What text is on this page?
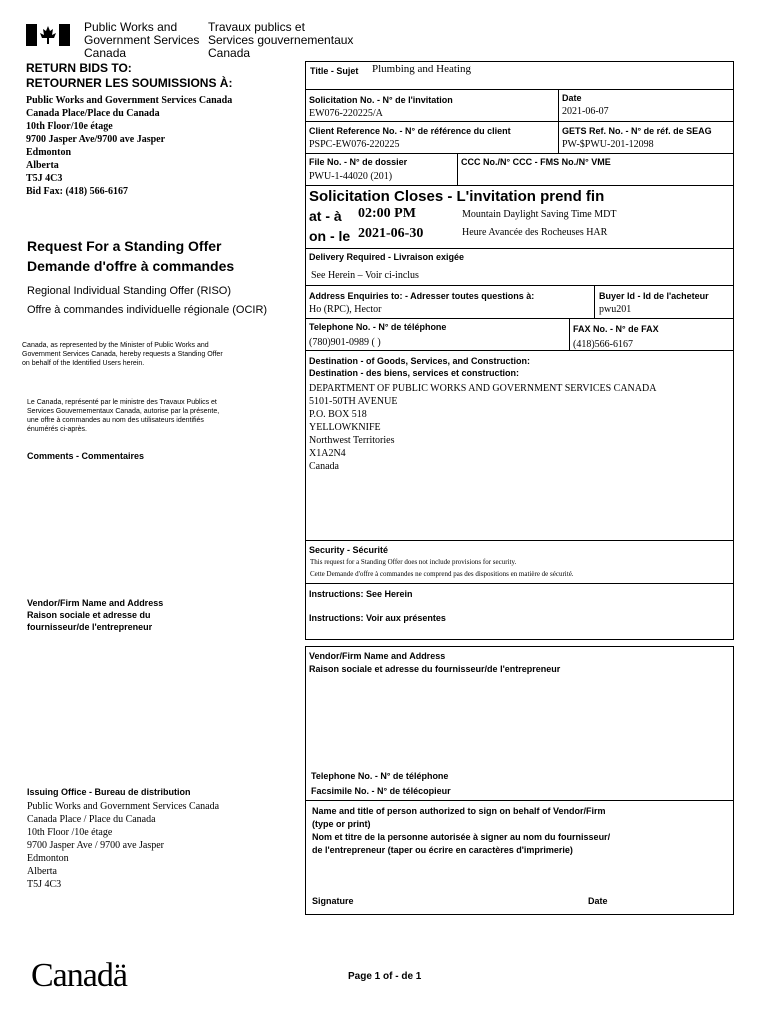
Public Works and
Government Services
Canada
Travaux publics et
Services gouvernementaux
Canada
RETURN BIDS TO:
RETOURNER LES SOUMISSIONS À:
Public Works and Government Services Canada
Canada Place/Place du Canada
10th Floor/10e étage
9700 Jasper Ave/9700 ave Jasper
Edmonton
Alberta
T5J 4C3
Bid Fax: (418) 566-6167
Request For a Standing Offer
Demande d'offre à commandes
Regional Individual Standing Offer (RISO)
Offre à commandes individuelle régionale (OCIR)
Canada, as represented by the Minister of Public Works and
Government Services Canada, hereby requests a Standing Offer
on behalf of the Identified Users herein.
Le Canada, représenté par le ministre des Travaux Publics et
Services Gouvernementaux Canada, autorise par la présente,
une offre à commandes au nom des utilisateurs identifiés
énumérés ci-après.
Comments - Commentaires
Vendor/Firm Name and Address
Raison sociale et adresse du
fournisseur/de l'entrepreneur
Issuing Office - Bureau de distribution
Public Works and Government Services Canada
Canada Place / Place du Canada
10th Floor /10e étage
9700 Jasper Ave / 9700 ave Jasper
Edmonton
Alberta
T5J 4C3
Title - Sujet Plumbing and Heating
Solicitation No. - N° de l'invitation
EW076-220225/A
Date
2021-06-07
Client Reference No. - N° de référence du client
PSPC-EW076-220225
GETS Ref. No. - N° de réf. de SEAG
PW-$PWU-201-12098
File No. - N° de dossier
PWU-1-44020 (201)
CCC No./N° CCC - FMS No./N° VME
Solicitation Closes - L'invitation prend fin
at - à 02:00 PM	Mountain Daylight Saving Time MDT
on - le 2021-06-30	Heure Avancée des Rocheuses HAR
Delivery Required - Livraison exigée
See Herein – Voir ci-inclus
Address Enquiries to: - Adresser toutes questions à:
Ho (RPC), Hector
Buyer Id - Id de l'acheteur
pwu201
Telephone No. - N° de téléphone
(780)901-0989 ( )
FAX No. - N° de FAX
(418)566-6167
Destination - of Goods, Services, and Construction:
Destination - des biens, services et construction:
DEPARTMENT OF PUBLIC WORKS AND GOVERNMENT SERVICES CANADA
5101-50TH AVENUE
P.O. BOX 518
YELLOWKNIFE
Northwest Territories
X1A2N4
Canada
Security - Sécurité
This request for a Standing Offer does not include provisions for security.
Cette Demande d'offre à commandes ne comprend pas des dispositions en matière de sécurité.
Instructions: See Herein
Instructions: Voir aux présentes
Vendor/Firm Name and Address
Raison sociale et adresse du fournisseur/de l'entrepreneur
Telephone No. - N° de téléphone
Facsimile No. - N° de télécopieur
Name and title of person authorized to sign on behalf of Vendor/Firm
(type or print)
Nom et titre de la personne autorisée à signer au nom du fournisseur/
de l'entrepreneur (taper ou écrire en caractères d'imprimerie)
Signature	Date
Canadä	Page 1 of - de 1
